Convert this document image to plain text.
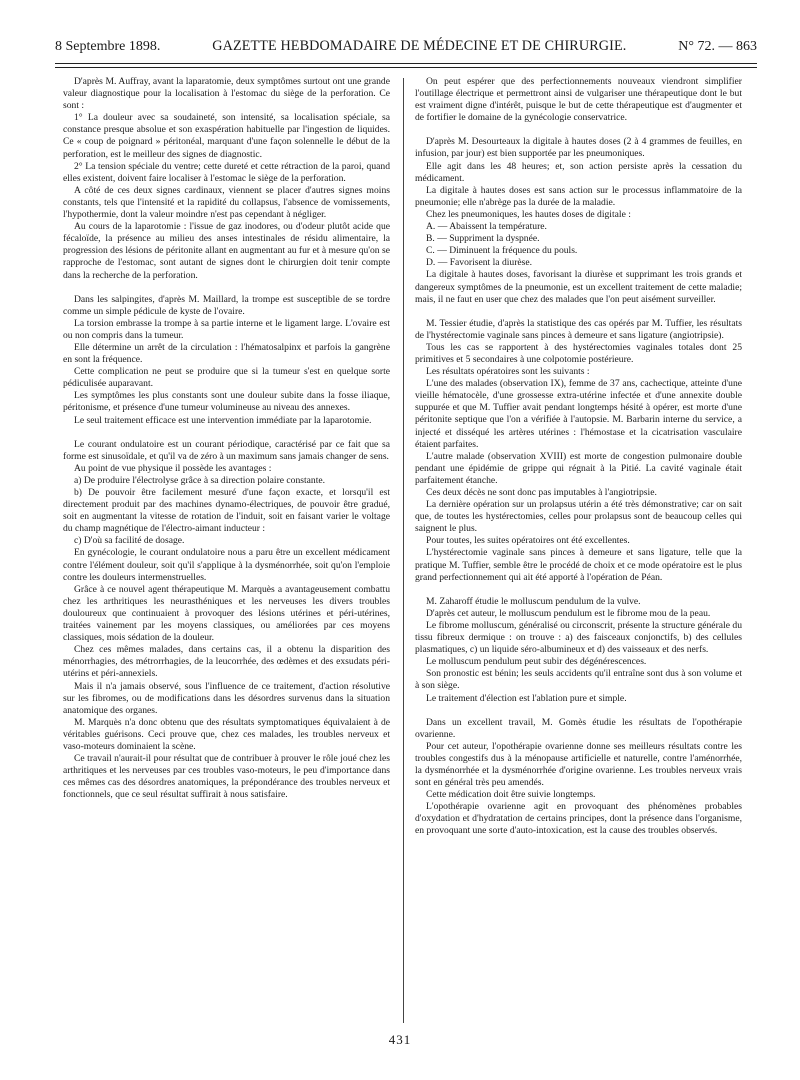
8 Septembre 1898.	GAZETTE HEBDOMADAIRE DE MÉDECINE ET DE CHIRURGIE.	N° 72. — 863

D'après M. Auffray, avant la laparatomie, deux symptômes surtout ont une grande valeur diagnostique pour la localisation à l'estomac du siège de la perforation. Ce sont :

1° La douleur avec sa soudaineté, son intensité, sa localisation spéciale, sa constance presque absolue et son exaspération habituelle par l'ingestion de liquides. Ce « coup de poignard » péritonéal, marquant d'une façon solennelle le début de la perforation, est le meilleur des signes de diagnostic.

2° La tension spéciale du ventre; cette dureté et cette rétraction de la paroi, quand elles existent, doivent faire localiser à l'estomac le siège de la perforation.

A côté de ces deux signes cardinaux, viennent se placer d'autres signes moins constants, tels que l'intensité et la rapidité du collapsus, l'absence de vomissements, l'hypothermie, dont la valeur moindre n'est pas cependant à négliger.

Au cours de la laparotomie : l'issue de gaz inodores, ou d'odeur plutôt acide que fécaloïde, la présence au milieu des anses intestinales de résidu alimentaire, la progression des lésions de péritonite allant en augmentant au fur et à mesure qu'on se rapproche de l'estomac, sont autant de signes dont le chirurgien doit tenir compte dans la recherche de la perforation.

Dans les salpingites, d'après M. Maillard, la trompe est susceptible de se tordre comme un simple pédicule de kyste de l'ovaire.

La torsion embrasse la trompe à sa partie interne et le ligament large. L'ovaire est ou non compris dans la tumeur.

Elle détermine un arrêt de la circulation : l'hématosalpinx et parfois la gangrène en sont la fréquence.

Cette complication ne peut se produire que si la tumeur s'est en quelque sorte pédiculisée auparavant.

Les symptômes les plus constants sont une douleur subite dans la fosse iliaque, péritonisme, et présence d'une tumeur volumineuse au niveau des annexes.

Le seul traitement efficace est une intervention immédiate par la laparotomie.

Le courant ondulatoire est un courant périodique, caractérisé par ce fait que sa forme est sinusoïdale, et qu'il va de zéro à un maximum sans jamais changer de sens.

Au point de vue physique il possède les avantages :

a) De produire l'électrolyse grâce à sa direction polaire constante.

b) De pouvoir être facilement mesuré d'une façon exacte, et lorsqu'il est directement produit par des machines dynamo-électriques, de pouvoir être gradué, soit en augmentant la vitesse de rotation de l'induit, soit en faisant varier le voltage du champ magnétique de l'électro-aimant inducteur :

c) D'où sa facilité de dosage.

En gynécologie, le courant ondulatoire nous a paru être un excellent médicament contre l'élément douleur, soit qu'il s'applique à la dysménorrhée, soit qu'on l'emploie contre les douleurs intermenstruelles.

Grâce à ce nouvel agent thérapeutique M. Marquès a avantageusement combattu chez les arthritiques les neurasthéniques et les nerveuses les divers troubles douloureux que continuaient à provoquer des lésions utérines et péri-utérines, traitées vainement par les moyens classiques, ou améliorées par ces moyens classiques, mois sédation de la douleur.

Chez ces mêmes malades, dans certains cas, il a obtenu la disparition des ménorrhagies, des métrorrhagies, de la leucorrhée, des œdèmes et des exsudats péri-utérins et péri-annexiels.

Mais il n'a jamais observé, sous l'influence de ce traitement, d'action résolutive sur les fibromes, ou de modifications dans les désordres survenus dans la situation anatomique des organes.

M. Marquès n'a donc obtenu que des résultats symptomatiques équivalaient à de véritables guérisons. Ceci prouve que, chez ces malades, les troubles nerveux et vaso-moteurs dominaient la scène.

Ce travail n'aurait-il pour résultat que de contribuer à prouver le rôle joué chez les arthritiques et les nerveuses par ces troubles vaso-moteurs, le peu d'importance dans ces mêmes cas des désordres anatomiques, la prépondérance des troubles nerveux et fonctionnels, que ce seul résultat suffirait à nous satisfaire.

On peut espérer que des perfectionnements nouveaux viendront simplifier l'outillage électrique et permettront ainsi de vulgariser une thérapeutique dont le but est vraiment digne d'intérêt, puisque le but de cette thérapeutique est d'augmenter et de fortifier le domaine de la gynécologie conservatrice.

D'après M. Desourteaux la digitale à hautes doses (2 à 4 grammes de feuilles, en infusion, par jour) est bien supportée par les pneumoniques.

Elle agit dans les 48 heures; et, son action persiste après la cessation du médicament.

La digitale à hautes doses est sans action sur le processus inflammatoire de la pneumonie; elle n'abrège pas la durée de la maladie.

Chez les pneumoniques, les hautes doses de digitale :

A. — Abaissent la température.

B. — Suppriment la dyspnée.

C. — Diminuent la fréquence du pouls.

D. — Favorisent la diurèse.

La digitale à hautes doses, favorisant la diurèse et supprimant les trois grands et dangereux symptômes de la pneumonie, est un excellent traitement de cette maladie; mais, il ne faut en user que chez des malades que l'on peut aisément surveiller.

M. Tessier étudie, d'après la statistique des cas opérés par M. Tuffier, les résultats de l'hystérectomie vaginale sans pinces à demeure et sans ligature (angiotripsie).

Tous les cas se rapportent à des hystérectomies vaginales totales dont 25 primitives et 5 secondaires à une colpotomie postérieure.

Les résultats opératoires sont les suivants :

L'une des malades (observation IX), femme de 37 ans, cachectique, atteinte d'une vieille hématocèle, d'une grossesse extra-utérine infectée et d'une annexite double suppurée et que M. Tuffier avait pendant longtemps hésité à opérer, est morte d'une péritonite septique que l'on a vérifiée à l'autopsie. M. Barbarin interne du service, a injecté et disséqué les artères utérines : l'hémostase et la cicatrisation vasculaire étaient parfaites.

L'autre malade (observation XVIII) est morte de congestion pulmonaire double pendant une épidémie de grippe qui régnait à la Pitié. La cavité vaginale était parfaitement étanche.

Ces deux décès ne sont donc pas imputables à l'angiotripsie.

La dernière opération sur un prolapsus utérin a été très démonstrative; car on sait que, de toutes les hystérectomies, celles pour prolapsus sont de beaucoup celles qui saignent le plus.

Pour toutes, les suites opératoires ont été excellentes.

L'hystérectomie vaginale sans pinces à demeure et sans ligature, telle que la pratique M. Tuffier, semble être le procédé de choix et ce mode opératoire est le plus grand perfectionnement qui ait été apporté à l'opération de Péan.

M. Zaharoff étudie le molluscum pendulum de la vulve.

D'après cet auteur, le molluscum pendulum est le fibrome mou de la peau.

Le fibrome molluscum, généralisé ou circonscrit, présente la structure générale du tissu fibreux dermique : on trouve : a) des faisceaux conjonctifs, b) des cellules plasmatiques, c) un liquide séro-albumineux et d) des vaisseaux et des nerfs.

Le molluscum pendulum peut subir des dégénérescences.

Son pronostic est bénin; les seuls accidents qu'il entraîne sont dus à son volume et à son siège.

Le traitement d'élection est l'ablation pure et simple.

Dans un excellent travail, M. Gomès étudie les résultats de l'opothérapie ovarienne.

Pour cet auteur, l'opothérapie ovarienne donne ses meilleurs résultats contre les troubles congestifs dus à la ménopause artificielle et naturelle, contre l'aménorrhée, la dysménorrhée et la dysménorrhée d'origine ovarienne. Les troubles nerveux vrais sont en général très peu amendés.

Cette médication doit être suivie longtemps.

L'opothérapie ovarienne agit en provoquant des phénomènes probables d'oxydation et d'hydratation de certains principes, dont la présence dans l'organisme, en provoquant une sorte d'auto-intoxication, est la cause des troubles observés.

431
